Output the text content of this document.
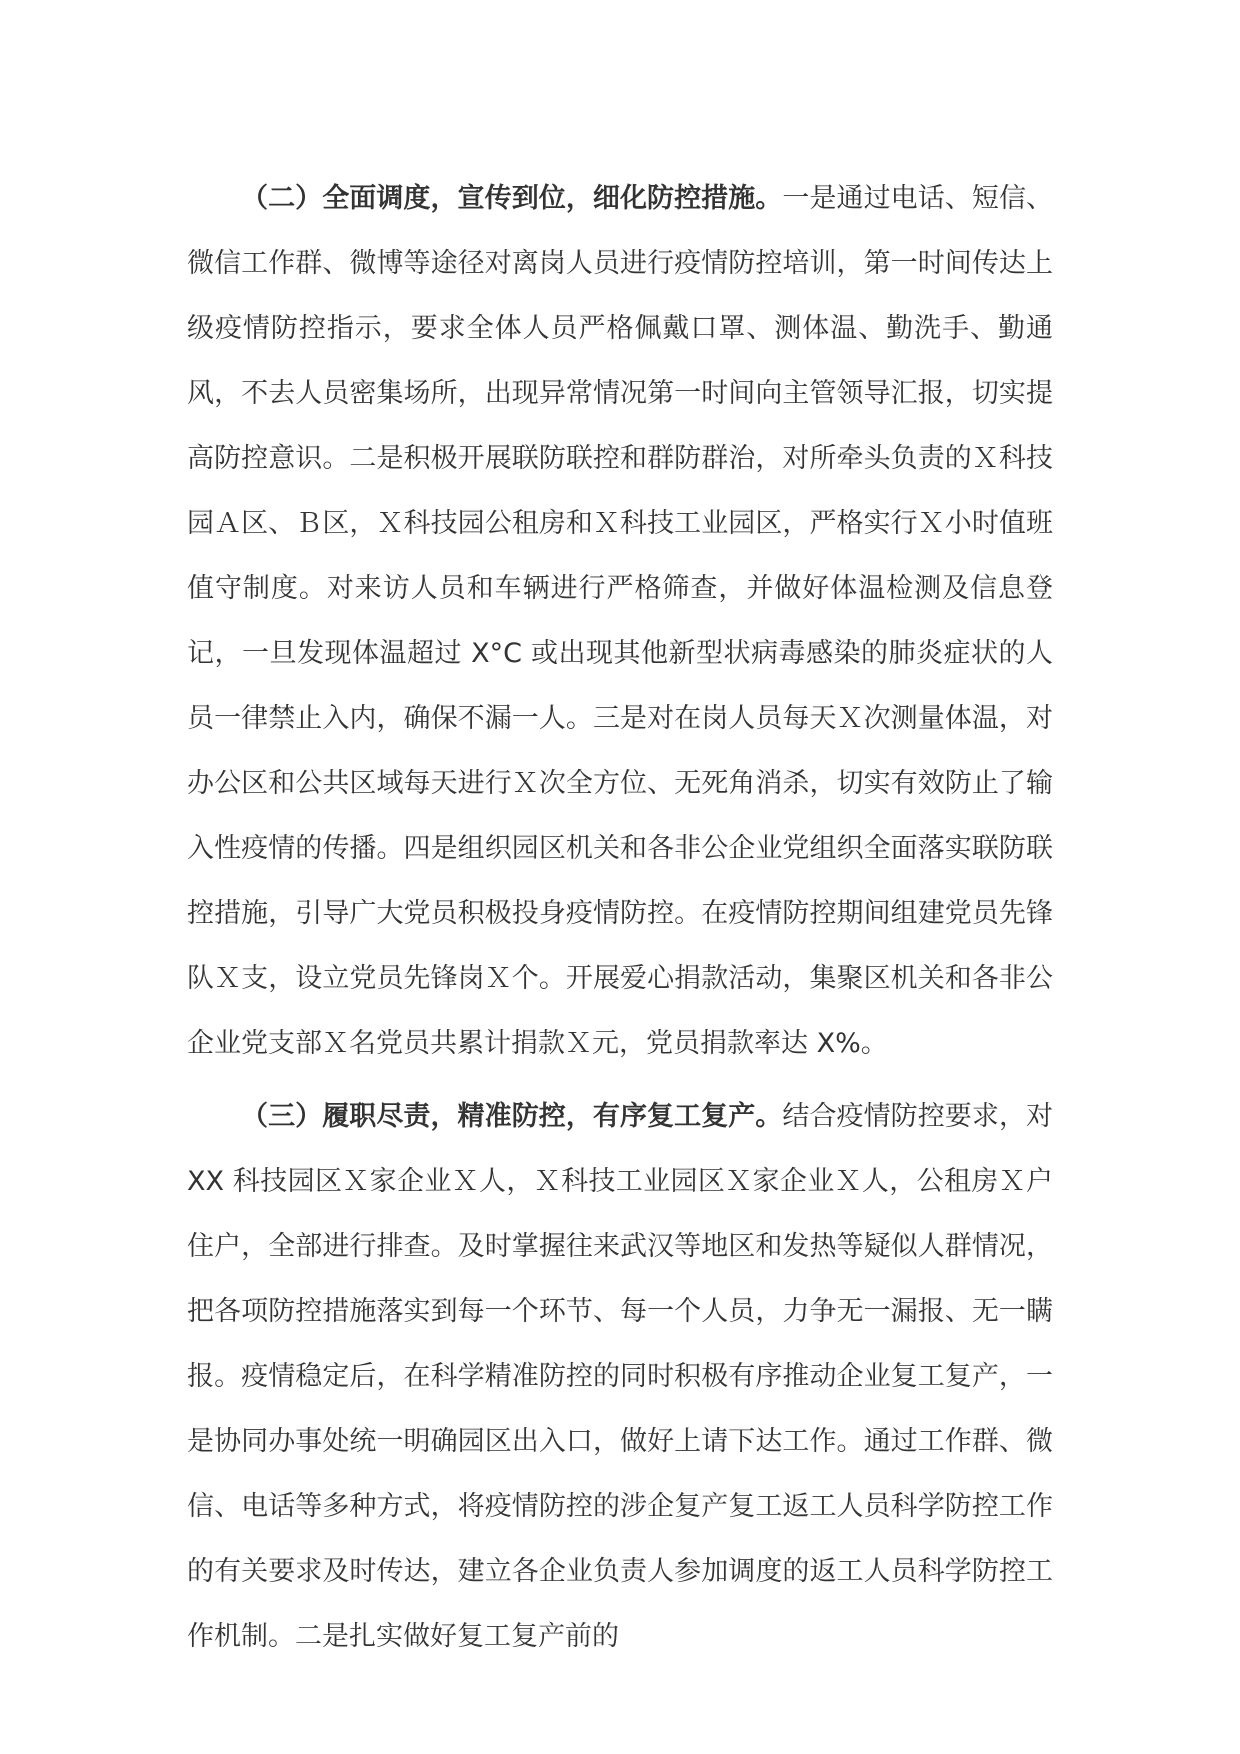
（二）全面调度，宣传到位，细化防控措施。一是通过电话、短信、微信工作群、微博等途径对离岗人员进行疫情防控培训，第一时间传达上级疫情防控指示，要求全体人员严格佩戴口罩、测体温、勤洗手、勤通风，不去人员密集场所，出现异常情况第一时间向主管领导汇报，切实提高防控意识。二是积极开展联防联控和群防群治，对所牵头负责的Ｘ科技园Ａ区、Ｂ区，Ｘ科技园公租房和Ｘ科技工业园区，严格实行Ｘ小时值班值守制度。对来访人员和车辆进行严格筛查，并做好体温检测及信息登记，一旦发现体温超过 X°C 或出现其他新型状病毒感染的肺炎症状的人员一律禁止入内，确保不漏一人。三是对在岗人员每天Ｘ次测量体温，对办公区和公共区域每天进行Ｘ次全方位、无死角消杀，切实有效防止了输入性疫情的传播。四是组织园区机关和各非公企业党组织全面落实联防联控措施，引导广大党员积极投身疫情防控。在疫情防控期间组建党员先锋队Ｘ支，设立党员先锋岗Ｘ个。开展爱心捐款活动，集聚区机关和各非公企业党支部Ｘ名党员共累计捐款Ｘ元，党员捐款率达 X%。

（三）履职尽责，精准防控，有序复工复产。结合疫情防控要求，对 XX 科技园区Ｘ家企业Ｘ人，Ｘ科技工业园区Ｘ家企业Ｘ人，公租房Ｘ户住户，全部进行排查。及时掌握往来武汉等地区和发热等疑似人群情况，把各项防控措施落实到每一个环节、每一个人员，力争无一漏报、无一瞒报。疫情稳定后，在科学精准防控的同时积极有序推动企业复工复产，一是协同办事处统一明确园区出入口，做好上请下达工作。通过工作群、微信、电话等多种方式，将疫情防控的涉企复产复工返工人员科学防控工作的有关要求及时传达，建立各企业负责人参加调度的返工人员科学防控工作机制。二是扎实做好复工复产前的
